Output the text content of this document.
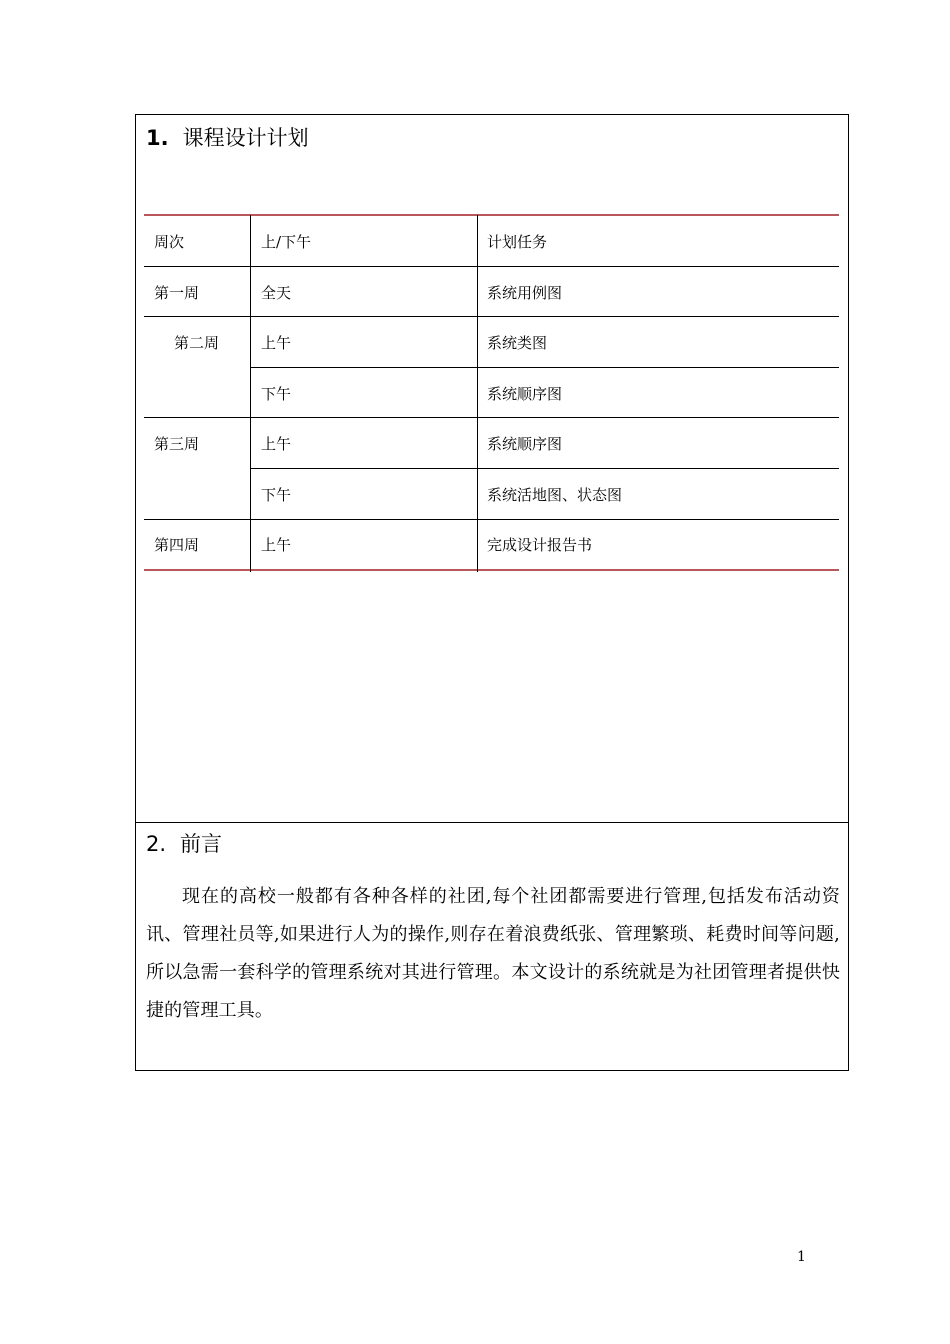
1. 课程设计计划
周次	上/下午	计划任务
第一周	全天	系统用例图
第二周	上午	系统类图
下午	系统顺序图
第三周	上午	系统顺序图
下午	系统活地图、状态图
第四周	上午	完成设计报告书
2. 前言

现在的高校一般都有各种各样的社团,每个社团都需要进行管理,包括发布活动资讯、管理社员等,如果进行人为的操作,则存在着浪费纸张、管理繁琐、耗费时间等问题,所以急需一套科学的管理系统对其进行管理。本文设计的系统就是为社团管理者提供快捷的管理工具。

1
